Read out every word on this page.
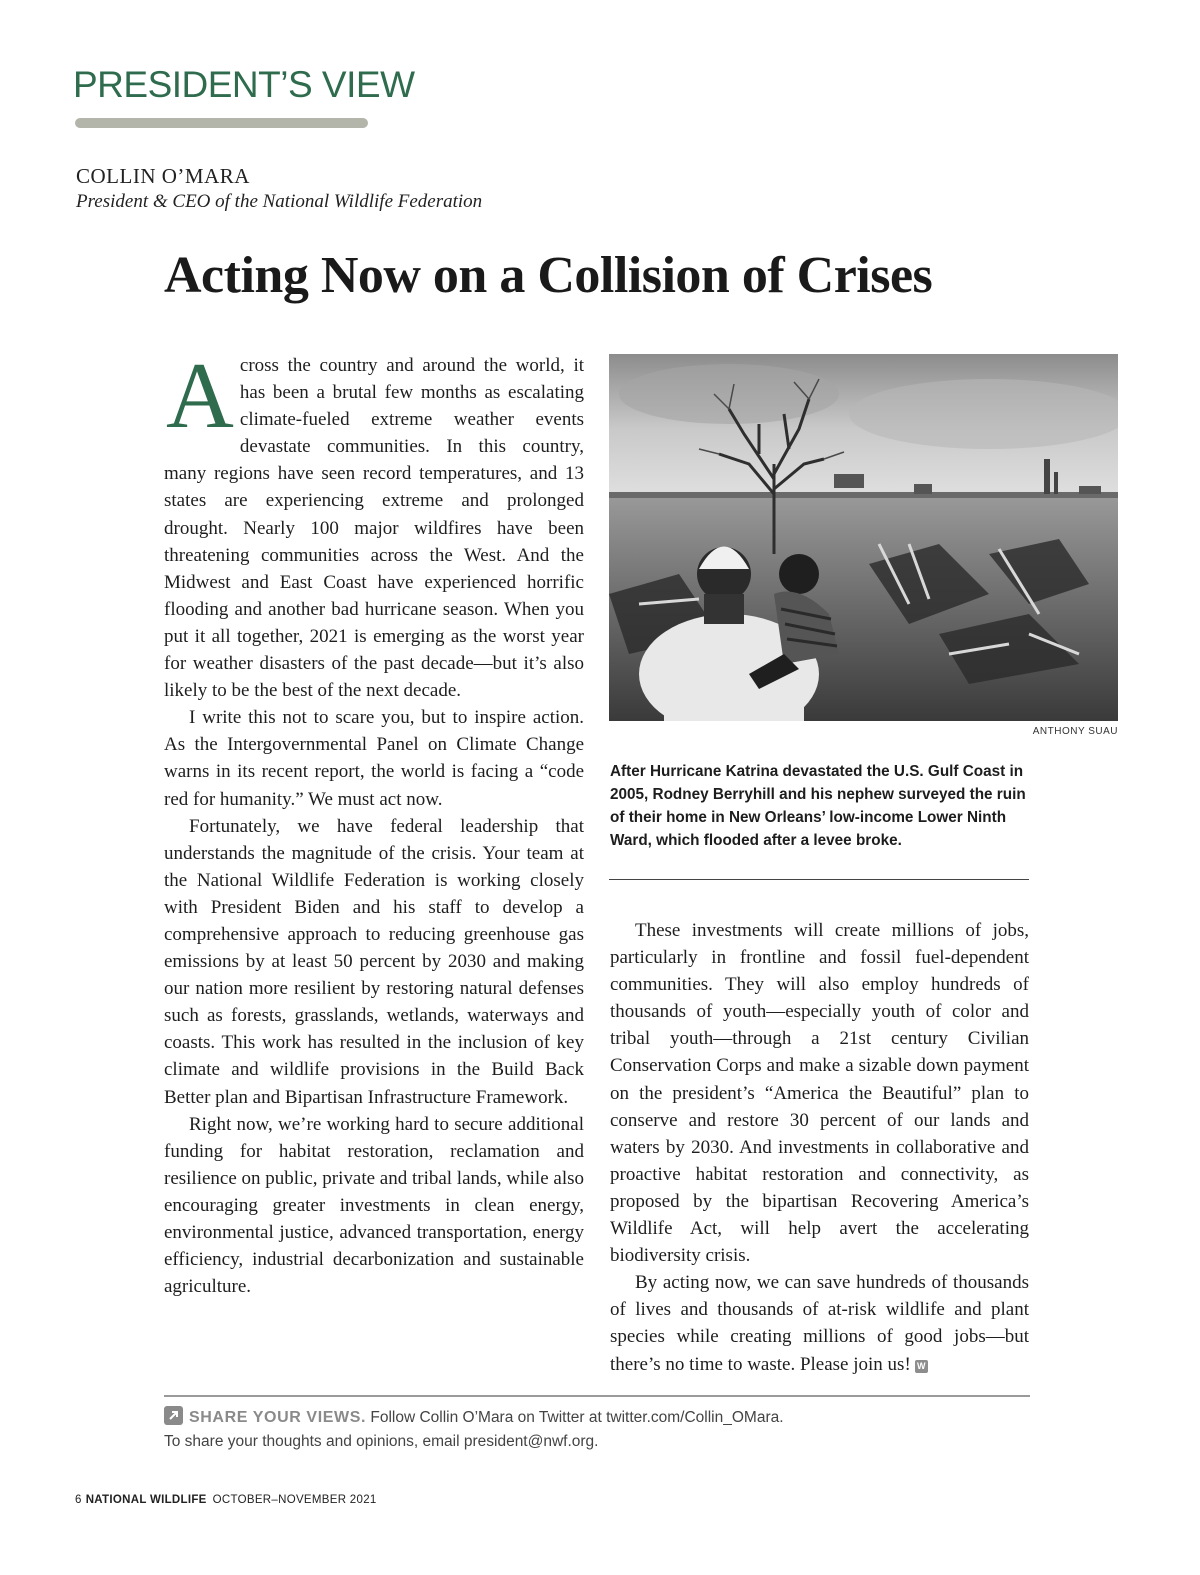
PRESIDENT’S VIEW
COLLIN O’MARA
President & CEO of the National Wildlife Federation
Acting Now on a Collision of Crises

Across the country and around the world, it has been a brutal few months as escalating climate-fueled extreme weather events devastate communities. In this country, many regions have seen record temperatures, and 13 states are experiencing extreme and prolonged drought. Nearly 100 major wildfires have been threatening communities across the West. And the Midwest and East Coast have experienced horrific flooding and another bad hurricane season. When you put it all together, 2021 is emerging as the worst year for weather disasters of the past decade—but it’s also likely to be the best of the next decade.

I write this not to scare you, but to inspire action. As the Intergovernmental Panel on Climate Change warns in its recent report, the world is facing a “code red for humanity.” We must act now.

Fortunately, we have federal leadership that understands the magnitude of the crisis. Your team at the National Wildlife Federation is working closely with President Biden and his staff to develop a comprehensive approach to reducing greenhouse gas emissions by at least 50 percent by 2030 and making our nation more resilient by restoring natural defenses such as forests, grasslands, wetlands, waterways and coasts. This work has resulted in the inclusion of key climate and wildlife provisions in the Build Back Better plan and Bipartisan Infrastructure Framework.

Right now, we’re working hard to secure additional funding for habitat restoration, reclamation and resilience on public, private and tribal lands, while also encouraging greater investments in clean energy, environmental justice, advanced transportation, energy efficiency, industrial decarbonization and sustainable agriculture.

ANTHONY SUAU
After Hurricane Katrina devastated the U.S. Gulf Coast in 2005, Rodney Berryhill and his nephew surveyed the ruin of their home in New Orleans’ low-income Lower Ninth Ward, which flooded after a levee broke.

These investments will create millions of jobs, particularly in frontline and fossil fuel-dependent communities. They will also employ hundreds of thousands of youth—especially youth of color and tribal youth—through a 21st century Civilian Conservation Corps and make a sizable down payment on the president’s “America the Beautiful” plan to conserve and restore 30 percent of our lands and waters by 2030. And investments in collaborative and proactive habitat restoration and connectivity, as proposed by the bipartisan Recovering America’s Wildlife Act, will help avert the accelerating biodiversity crisis.

By acting now, we can save hundreds of thousands of lives and thousands of at-risk wildlife and plant species while creating millions of good jobs—but there’s no time to waste. Please join us! W

SHARE YOUR VIEWS. Follow Collin O’Mara on Twitter at twitter.com/Collin_OMara.
To share your thoughts and opinions, email president@nwf.org.
6 NATIONAL WILDLIFE OCTOBER–NOVEMBER 2021
